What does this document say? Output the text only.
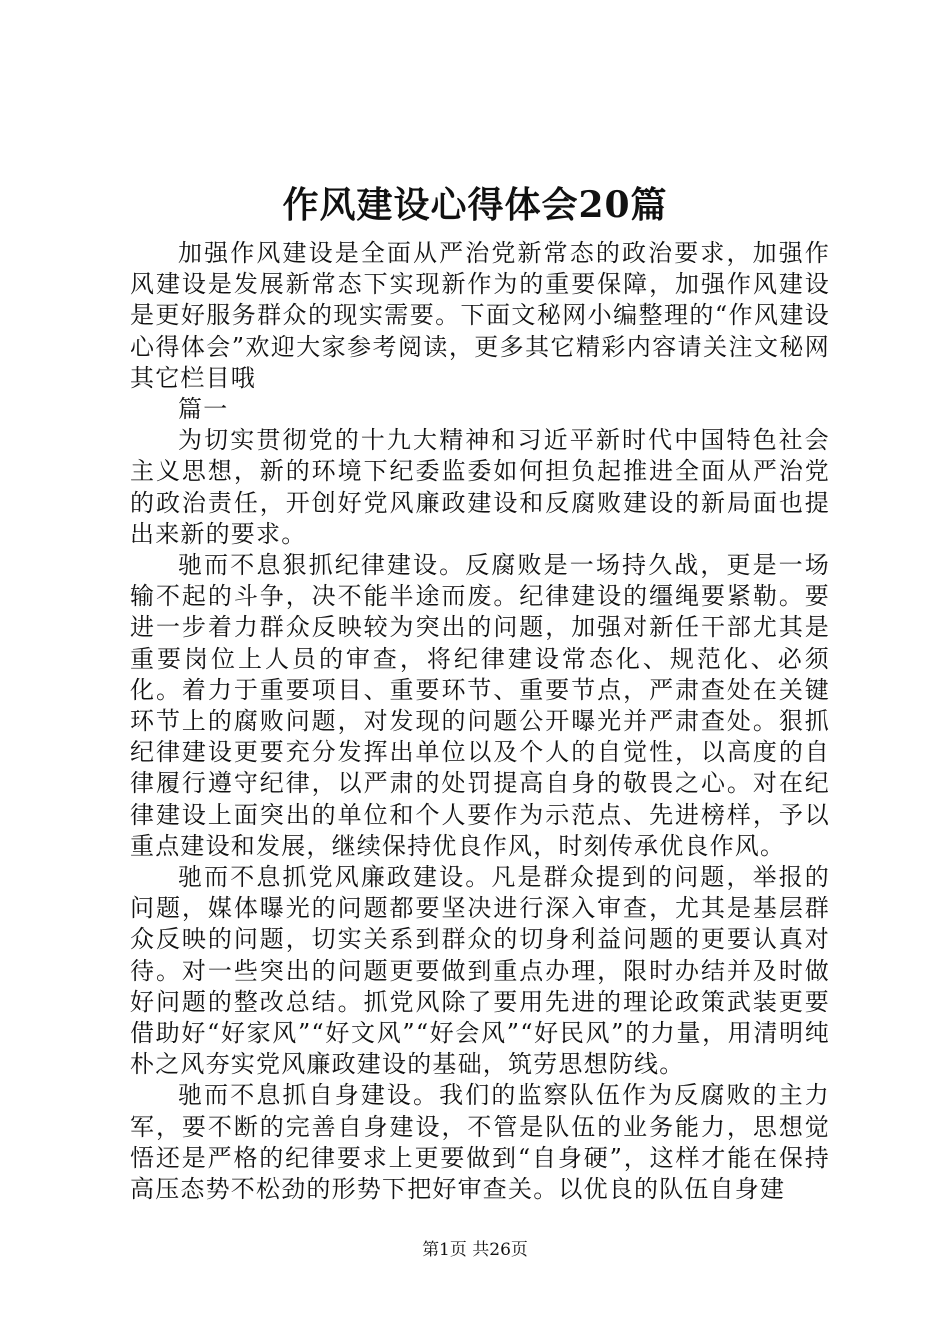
作风建设心得体会20篇

加强作风建设是全面从严治党新常态的政治要求，加强作风建设是发展新常态下实现新作为的重要保障，加强作风建设是更好服务群众的现实需要。下面文秘网小编整理的“作风建设心得体会”欢迎大家参考阅读，更多其它精彩内容请关注文秘网其它栏目哦

篇一

为切实贯彻党的十九大精神和习近平新时代中国特色社会主义思想，新的环境下纪委监委如何担负起推进全面从严治党的政治责任，开创好党风廉政建设和反腐败建设的新局面也提出来新的要求。

驰而不息狠抓纪律建设。反腐败是一场持久战，更是一场输不起的斗争，决不能半途而废。纪律建设的缰绳要紧勒。要进一步着力群众反映较为突出的问题，加强对新任干部尤其是重要岗位上人员的审查，将纪律建设常态化、规范化、必须化。着力于重要项目、重要环节、重要节点，严肃查处在关键环节上的腐败问题，对发现的问题公开曝光并严肃查处。狠抓纪律建设更要充分发挥出单位以及个人的自觉性，以高度的自律履行遵守纪律，以严肃的处罚提高自身的敬畏之心。对在纪律建设上面突出的单位和个人要作为示范点、先进榜样，予以重点建设和发展，继续保持优良作风，时刻传承优良作风。

驰而不息抓党风廉政建设。凡是群众提到的问题，举报的问题，媒体曝光的问题都要坚决进行深入审查，尤其是基层群众反映的问题，切实关系到群众的切身利益问题的更要认真对待。对一些突出的问题更要做到重点办理，限时办结并及时做好问题的整改总结。抓党风除了要用先进的理论政策武装更要借助好“好家风”“好文风”“好会风”“好民风”的力量，用清明纯朴之风夯实党风廉政建设的基础，筑劳思想防线。

驰而不息抓自身建设。我们的监察队伍作为反腐败的主力军，要不断的完善自身建设，不管是队伍的业务能力，思想觉悟还是严格的纪律要求上更要做到“自身硬”，这样才能在保持高压态势不松劲的形势下把好审查关。以优良的队伍自身建

第1页 共26页
